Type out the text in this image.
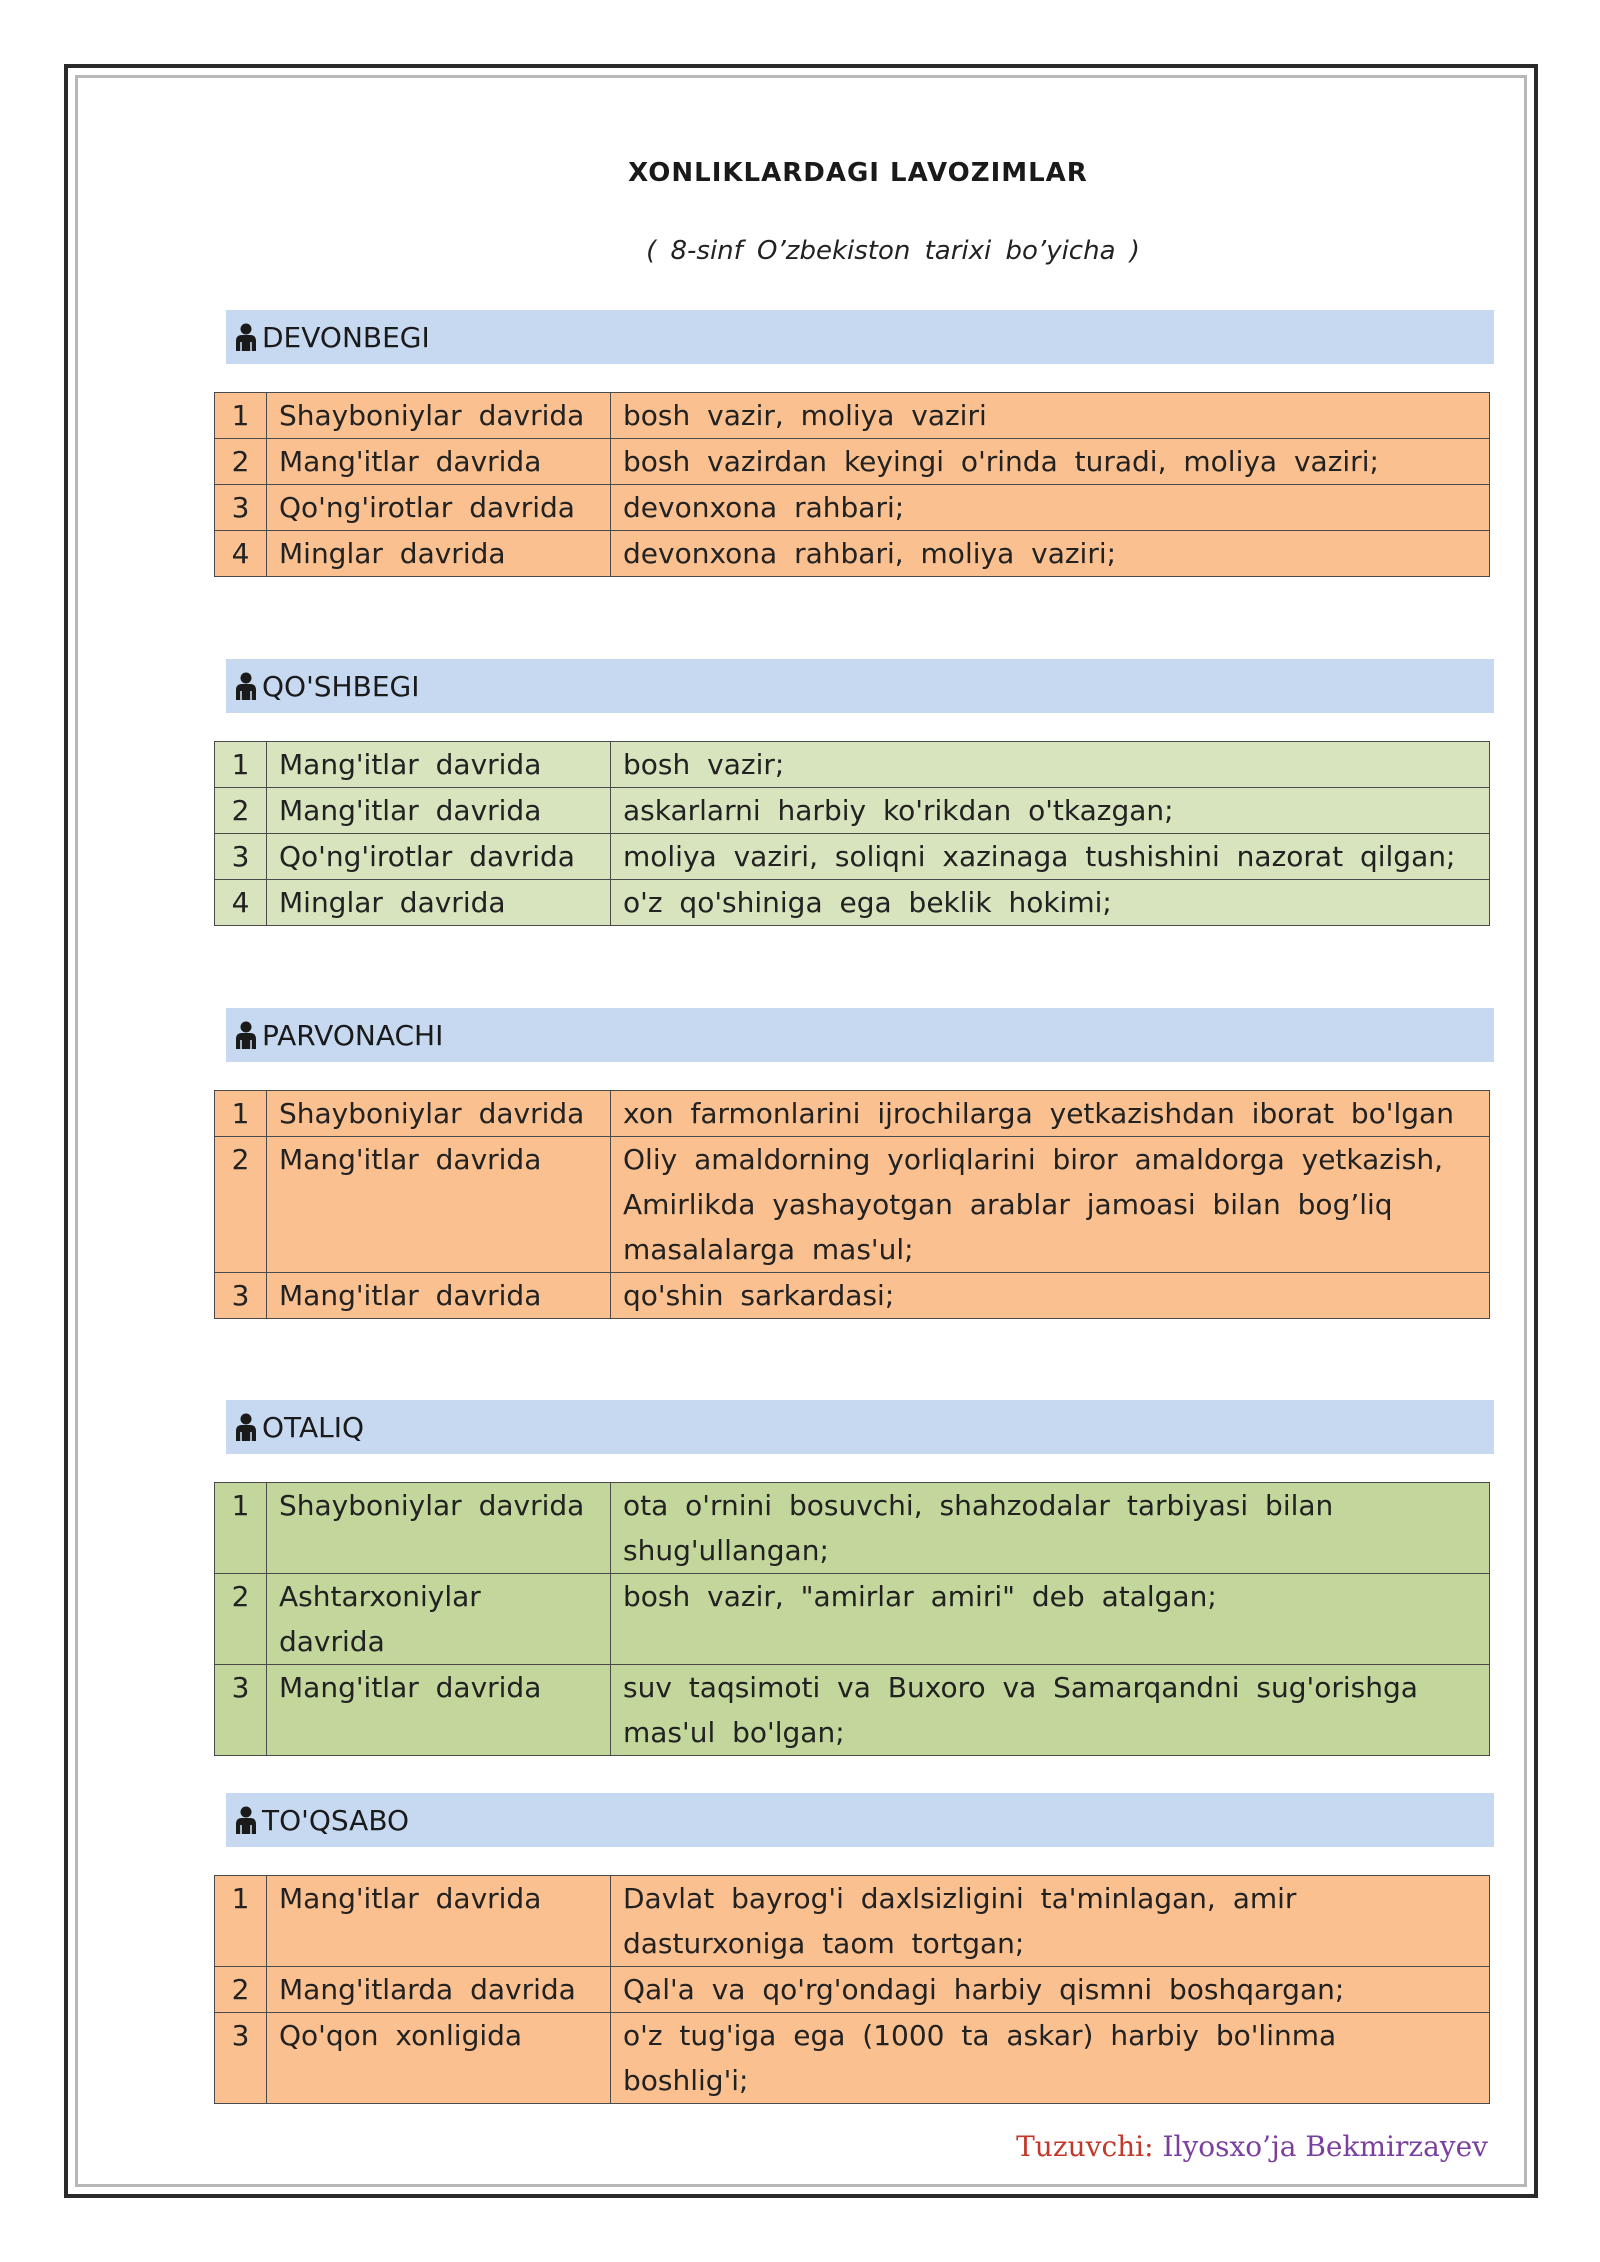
XONLIKLARDAGI LAVOZIMLAR
( 8-sinf O’zbekiston tarixi bo’yicha )
DEVONBEGI
1	Shayboniylar davrida	bosh vazir, moliya vaziri
2	Mang'itlar davrida	bosh vazirdan keyingi o'rinda turadi, moliya vaziri;
3	Qo'ng'irotlar davrida	devonxona rahbari;
4	Minglar davrida	devonxona rahbari, moliya vaziri;
QO'SHBEGI
1	Mang'itlar davrida	bosh vazir;
2	Mang'itlar davrida	askarlarni harbiy ko'rikdan o'tkazgan;
3	Qo'ng'irotlar davrida	moliya vaziri, soliqni xazinaga tushishini nazorat qilgan;
4	Minglar davrida	o'z qo'shiniga ega beklik hokimi;
PARVONACHI
1	Shayboniylar davrida	xon farmonlarini ijrochilarga yetkazishdan iborat bo'lgan
2	Mang'itlar davrida	Oliy amaldorning yorliqlarini biror amaldorga yetkazish, Amirlikda yashayotgan arablar jamoasi bilan bog’liq masalalarga mas'ul;
3	Mang'itlar davrida	qo'shin sarkardasi;
OTALIQ
1	Shayboniylar davrida	ota o'rnini bosuvchi, shahzodalar tarbiyasi bilan shug'ullangan;
2	Ashtarxoniylar davrida	bosh vazir, "amirlar amiri" deb atalgan;
3	Mang'itlar davrida	suv taqsimoti va Buxoro va Samarqandni sug'orishga mas'ul bo'lgan;
TO'QSABO
1	Mang'itlar davrida	Davlat bayrog'i daxlsizligini ta'minlagan, amir dasturxoniga taom tortgan;
2	Mang'itlarda davrida	Qal'a va qo'rg'ondagi harbiy qismni boshqargan;
3	Qo'qon xonligida	o'z tug'iga ega (1000 ta askar) harbiy bo'linma boshlig'i;
Tuzuvchi: Ilyosxo’ja Bekmirzayev
